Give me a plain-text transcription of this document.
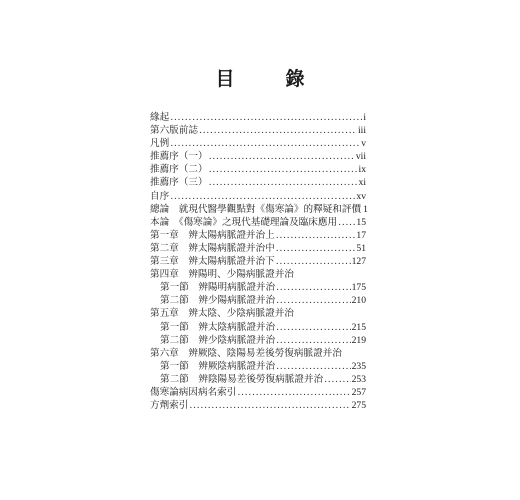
目　錄
緣起 .....	i
第六版前誌 .....	iii
凡例 .....	v
推薦序（一） .....	vii
推薦序（二） .....	ix
推薦序（三） .....	xi
自序 .....	xv
總論　就現代醫學觀點對《傷寒論》的釋疑和評價 1
本論　《傷寒論》之現代基礎理論及臨床應用 ..... 15
第一章　辨太陽病脈證并治上 .....	17
第二章　辨太陽病脈證并治中 .....	51
第三章　辨太陽病脈證并治下 .....	127
第四章　辨陽明、少陽病脈證并治
第一節　辨陽明病脈證并治 .....	175
第二節　辨少陽病脈證并治 .....	210
第五章　辨太陰、少陰病脈證并治
第一節　辨太陰病脈證并治 .....	215
第二節　辨少陰病脈證并治 .....	219
第六章　辨厥陰、陰陽易差後勞復病脈證并治
第一節　辨厥陰病脈證并治 .....	235
第二節　辨陰陽易差後勞復病脈證并治 .....	253
傷寒論病因病名索引 .....	257
方劑索引 .....	275
